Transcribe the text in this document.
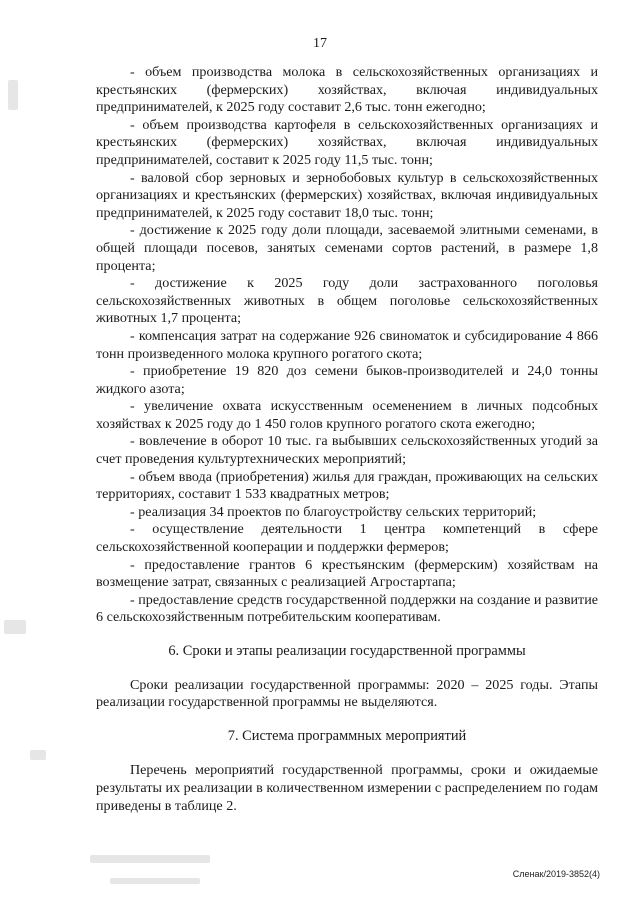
17

- объем производства молока в сельскохозяйственных организациях и крестьянских (фермерских) хозяйствах, включая индивидуальных предпринимателей, к 2025 году составит 2,6 тыс. тонн ежегодно;

- объем производства картофеля в сельскохозяйственных организациях и крестьянских (фермерских) хозяйствах, включая индивидуальных предпринимателей, составит к 2025 году 11,5 тыс. тонн;

- валовой сбор зерновых и зернобобовых культур в сельскохозяйственных организациях и крестьянских (фермерских) хозяйствах, включая индивидуальных предпринимателей, к 2025 году составит 18,0 тыс. тонн;

- достижение к 2025 году доли площади, засеваемой элитными семенами, в общей площади посевов, занятых семенами сортов растений, в размере 1,8 процента;

- достижение к 2025 году доли застрахованного поголовья сельскохозяйственных животных в общем поголовье сельскохозяйственных животных 1,7 процента;

- компенсация затрат на содержание 926 свиноматок и субсидирование 4 866 тонн произведенного молока крупного рогатого скота;

- приобретение 19 820 доз семени быков-производителей и 24,0 тонны жидкого азота;

- увеличение охвата искусственным осеменением в личных подсобных хозяйствах к 2025 году до 1 450 голов крупного рогатого скота ежегодно;

- вовлечение в оборот 10 тыс. га выбывших сельскохозяйственных угодий за счет проведения культуртехнических мероприятий;

- объем ввода (приобретения) жилья для граждан, проживающих на сельских территориях, составит 1 533 квадратных метров;

- реализация 34 проектов по благоустройству сельских территорий;

- осуществление деятельности 1 центра компетенций в сфере сельскохозяйственной кооперации и поддержки фермеров;

- предоставление грантов 6 крестьянским (фермерским) хозяйствам на возмещение затрат, связанных с реализацией Агростартапа;

- предоставление средств государственной поддержки на создание и развитие 6 сельскохозяйственным потребительским кооперативам.

6. Сроки и этапы реализации государственной программы

Сроки реализации государственной программы: 2020 – 2025 годы. Этапы реализации государственной программы не выделяются.

7. Система программных мероприятий

Перечень мероприятий государственной программы, сроки и ожидаемые результаты их реализации в количественном измерении с распределением по годам приведены в таблице 2.

Сленак/2019-3852(4)
